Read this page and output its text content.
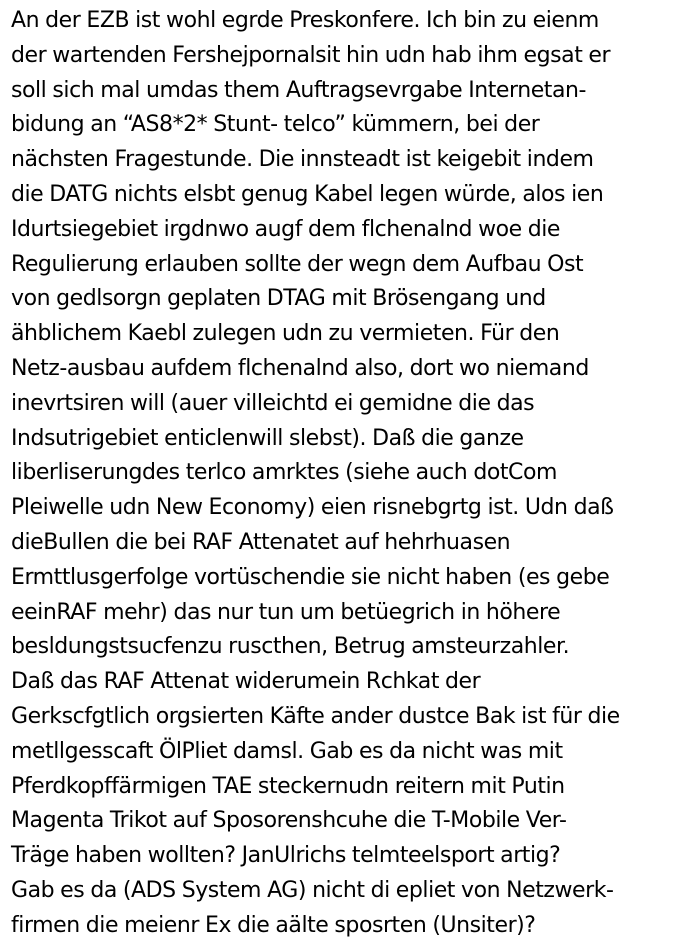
An der EZB ist wohl egrde Preskonfere. Ich bin zu eienm
der wartenden Fershejpornalsit hin udn hab ihm egsat er
soll sich mal umdas them Auftragsevrgabe Internetan-
bidung an “AS8*2* Stunt- telco” kümmern, bei der
nächsten Fragestunde. Die innsteadt ist keigebit indem
die DATG nichts elsbt genug Kabel legen würde, alos ien
Idurtsiegebiet irgdnwo augf dem flchenalnd woe die
Regulierung erlauben sollte der wegn dem Aufbau Ost
von gedlsorgn geplaten DTAG mit Brösengang und
ähblichem Kaebl zulegen udn zu vermieten. Für den
Netz-ausbau aufdem flchenalnd also, dort wo niemand
inevrtsiren will (auer villeichtd ei gemidne die das
Indsutrigebiet enticlenwill slebst). Daß die ganze
liberliserungdes terlco amrktes (siehe auch dotCom
Pleiwelle udn New Economy) eien risnebgrtg ist. Udn daß
dieBullen die bei RAF Attenatet auf hehrhuasen
Ermttlusgerfolge vortüschendie sie nicht haben (es gebe
eeinRAF mehr) das nur tun um betüegrich in höhere
besldungstsucfenzu ruscthen, Betrug amsteurzahler.
Daß das RAF Attenat widerumein Rchkat der
Gerkscfgtlich orgsierten Käfte ander dustce Bak ist für die
metllgesscaft ÖlPliet damsl. Gab es da nicht was mit
Pferdkopffärmigen TAE steckernudn reitern mit Putin
Magenta Trikot auf Sposorenshcuhe die T-Mobile Ver-
Träge haben wollten? JanUlrichs telmteelsport artig?
Gab es da (ADS System AG) nicht di epliet von Netzwerk-
firmen die meienr Ex die aälte sposrten (Unsiter)?
